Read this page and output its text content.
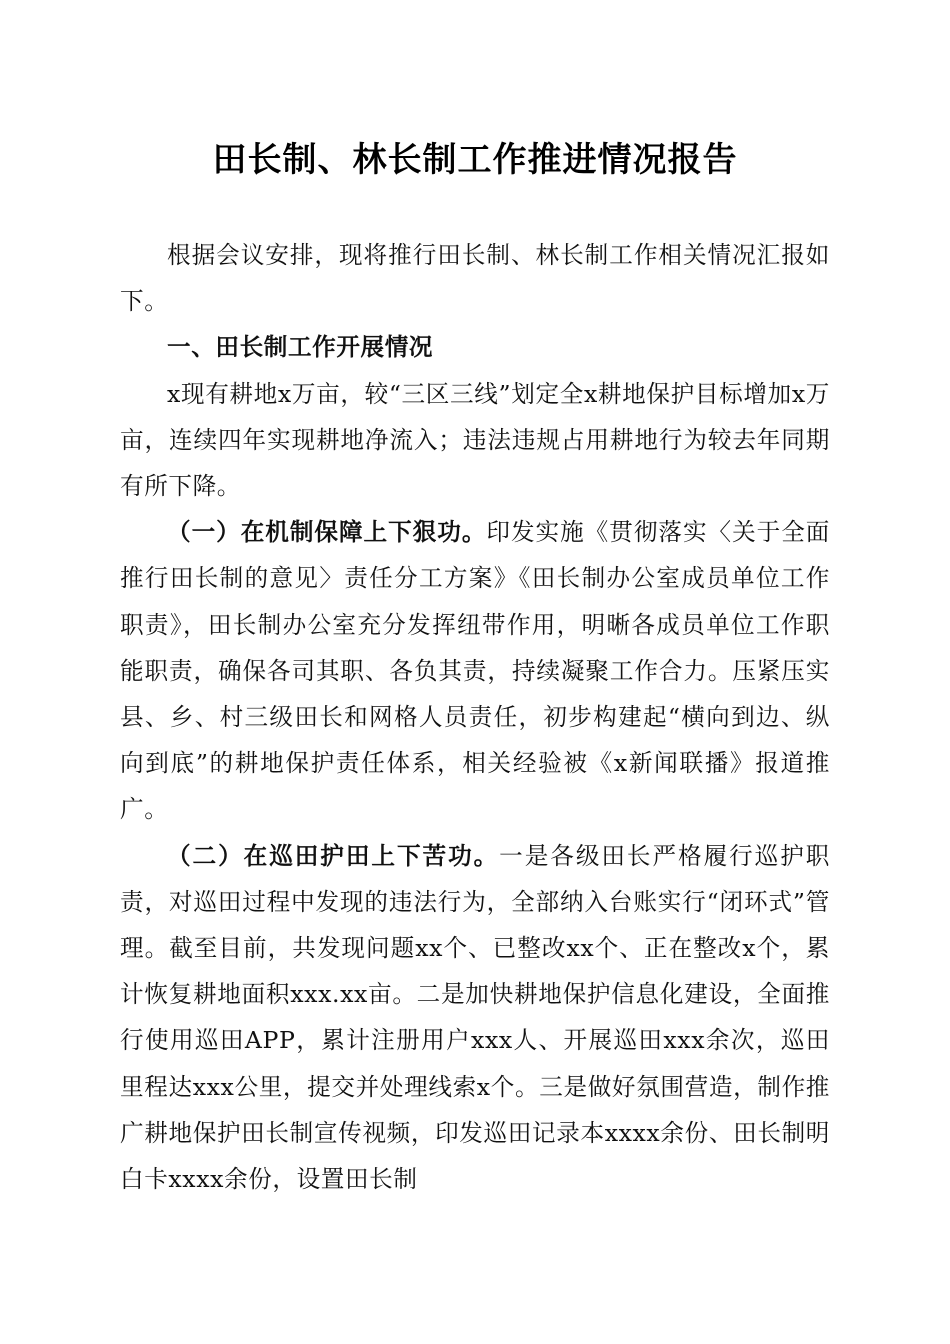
田长制、林长制工作推进情况报告

根据会议安排，现将推行田长制、林长制工作相关情况汇报如下。

一、田长制工作开展情况

x现有耕地x万亩，较“三区三线”划定全x耕地保护目标增加x万亩，连续四年实现耕地净流入；违法违规占用耕地行为较去年同期有所下降。

（一）在机制保障上下狠功。印发实施《贯彻落实〈关于全面推行田长制的意见〉责任分工方案》《田长制办公室成员单位工作职责》，田长制办公室充分发挥纽带作用，明晰各成员单位工作职能职责，确保各司其职、各负其责，持续凝聚工作合力。压紧压实县、乡、村三级田长和网格人员责任，初步构建起“横向到边、纵向到底”的耕地保护责任体系，相关经验被《x新闻联播》报道推广。

（二）在巡田护田上下苦功。一是各级田长严格履行巡护职责，对巡田过程中发现的违法行为，全部纳入台账实行“闭环式”管理。截至目前，共发现问题xx个、已整改xx个、正在整改x个，累计恢复耕地面积xxx.xx亩。二是加快耕地保护信息化建设，全面推行使用巡田APP，累计注册用户xxx人、开展巡田xxx余次，巡田里程达xxx公里，提交并处理线索x个。三是做好氛围营造，制作推广耕地保护田长制宣传视频，印发巡田记录本xxxx余份、田长制明白卡xxxx余份，设置田长制
